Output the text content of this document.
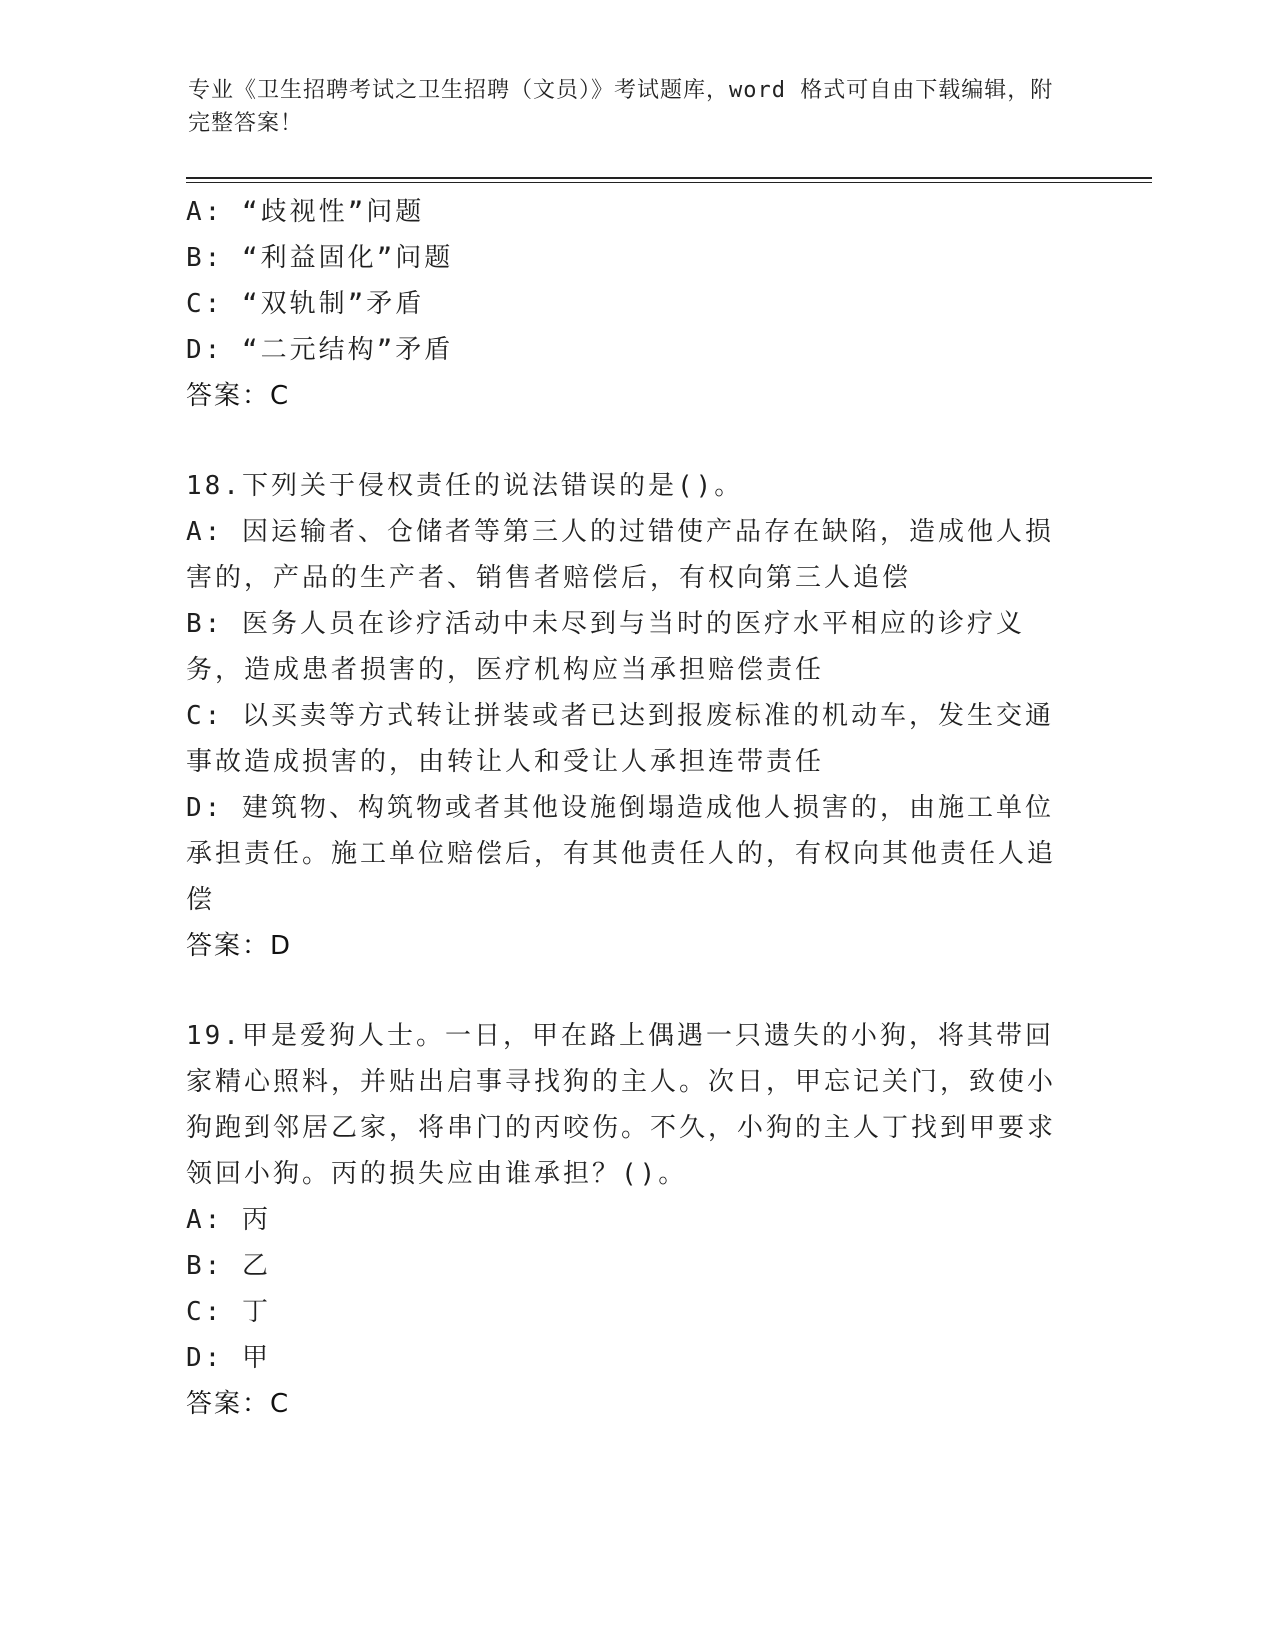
专业《卫生招聘考试之卫生招聘（文员）》考试题库，word 格式可自由下载编辑，附完整答案！
A: “歧视性”问题
B: “利益固化”问题
C: “双轨制”矛盾
D: “二元结构”矛盾
答案：C
18.下列关于侵权责任的说法错误的是()。
A: 因运输者、仓储者等第三人的过错使产品存在缺陷，造成他人损害的，产品的生产者、销售者赔偿后，有权向第三人追偿
B: 医务人员在诊疗活动中未尽到与当时的医疗水平相应的诊疗义务，造成患者损害的，医疗机构应当承担赔偿责任
C: 以买卖等方式转让拼装或者已达到报废标准的机动车，发生交通事故造成损害的，由转让人和受让人承担连带责任
D: 建筑物、构筑物或者其他设施倒塌造成他人损害的，由施工单位承担责任。施工单位赔偿后，有其他责任人的，有权向其他责任人追偿
答案：D
19.甲是爱狗人士。一日，甲在路上偶遇一只遗失的小狗，将其带回家精心照料，并贴出启事寻找狗的主人。次日，甲忘记关门，致使小狗跑到邻居乙家，将串门的丙咬伤。不久，小狗的主人丁找到甲要求领回小狗。丙的损失应由谁承担？()。
A: 丙
B: 乙
C: 丁
D: 甲
答案：C
